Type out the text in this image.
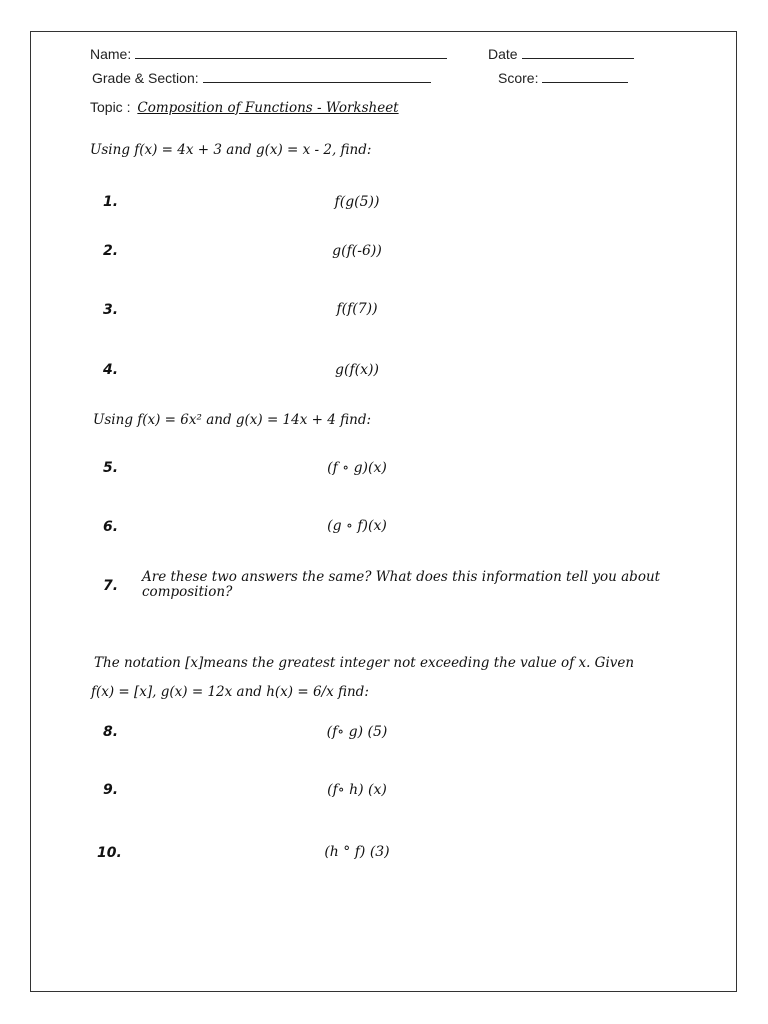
Name:	Date
Grade & Section:	Score:
Topic : Composition of Functions - Worksheet
Using f(x) = 4x + 3 and g(x) = x - 2, find:
1.	f(g(5))
2.	g(f(-6))
3.	f(f(7))
4.	g(f(x))
Using f(x) = 6x² and g(x) = 14x + 4 find:
5.	(f ∘ g)(x)
6.	(g ∘ f)(x)
7.
Are these two answers the same? What does this information tell you about composition?
The notation [x]means the greatest integer not exceeding the value of x. Given
f(x) = [x], g(x) = 12x and h(x) = 6/x find:
8.	(f∘ g) (5)
9.	(f∘ h) (x)
10.	(h ° f) (3)
